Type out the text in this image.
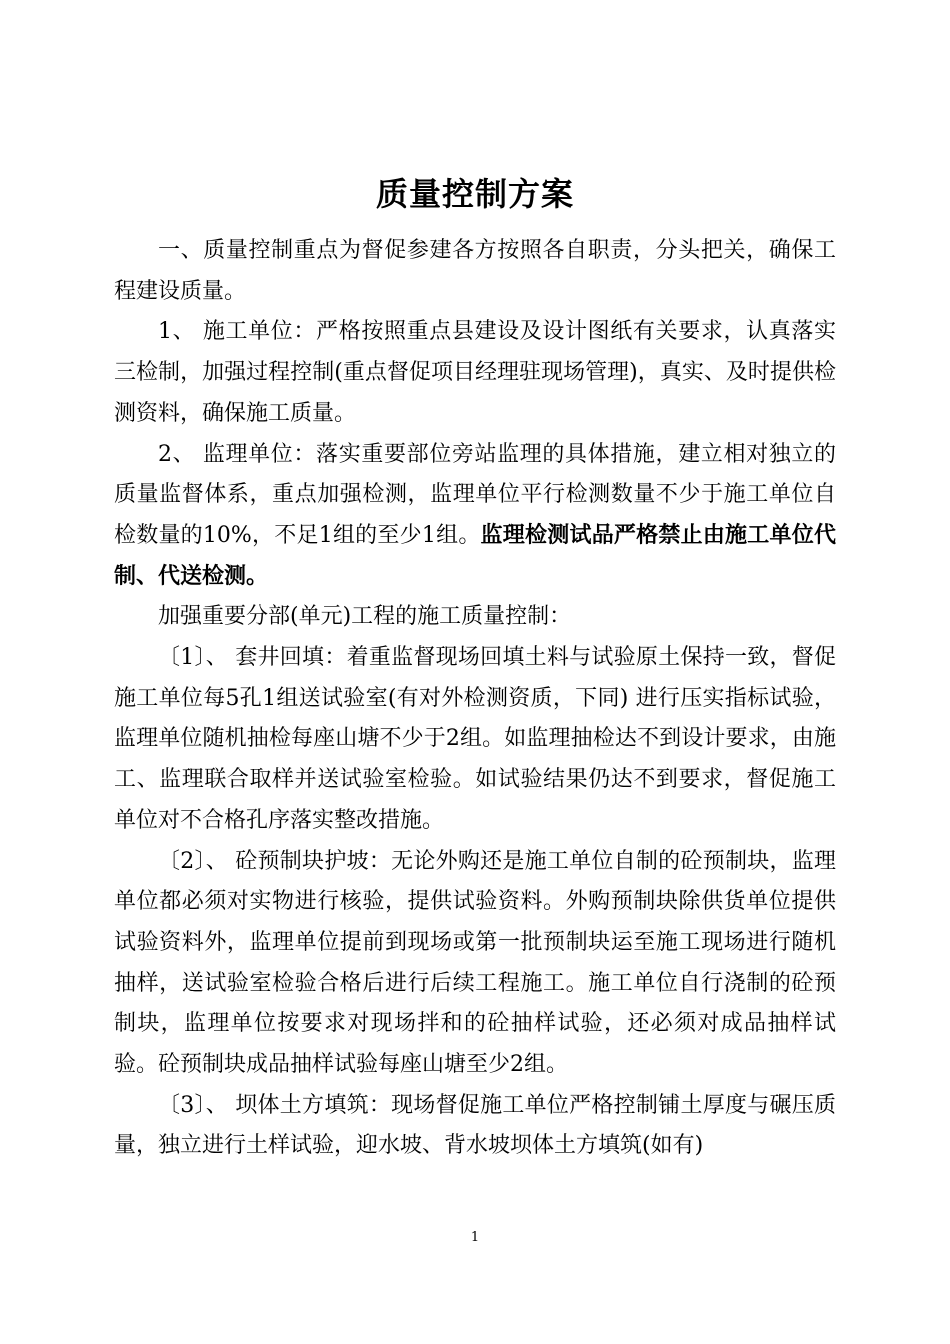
质量控制方案

一、质量控制重点为督促参建各方按照各自职责，分头把关，确保工程建设质量。

1、 施工单位：严格按照重点县建设及设计图纸有关要求，认真落实三检制，加强过程控制(重点督促项目经理驻现场管理)，真实、及时提供检测资料，确保施工质量。

2、 监理单位：落实重要部位旁站监理的具体措施，建立相对独立的质量监督体系，重点加强检测，监理单位平行检测数量不少于施工单位自检数量的10%，不足1组的至少1组。监理检测试品严格禁止由施工单位代制、代送检测。

加强重要分部(单元)工程的施工质量控制：

〔1〕、 套井回填：着重监督现场回填土料与试验原土保持一致，督促施工单位每5孔1组送试验室(有对外检测资质，下同) 进行压实指标试验，监理单位随机抽检每座山塘不少于2组。如监理抽检达不到设计要求，由施工、监理联合取样并送试验室检验。如试验结果仍达不到要求，督促施工单位对不合格孔序落实整改措施。

〔2〕、 砼预制块护坡：无论外购还是施工单位自制的砼预制块，监理单位都必须对实物进行核验，提供试验资料。外购预制块除供货单位提供试验资料外，监理单位提前到现场或第一批预制块运至施工现场进行随机抽样，送试验室检验合格后进行后续工程施工。施工单位自行浇制的砼预制块，监理单位按要求对现场拌和的砼抽样试验，还必须对成品抽样试验。砼预制块成品抽样试验每座山塘至少2组。

〔3〕、 坝体土方填筑：现场督促施工单位严格控制铺土厚度与碾压质量，独立进行土样试验，迎水坡、背水坡坝体土方填筑(如有)

1
